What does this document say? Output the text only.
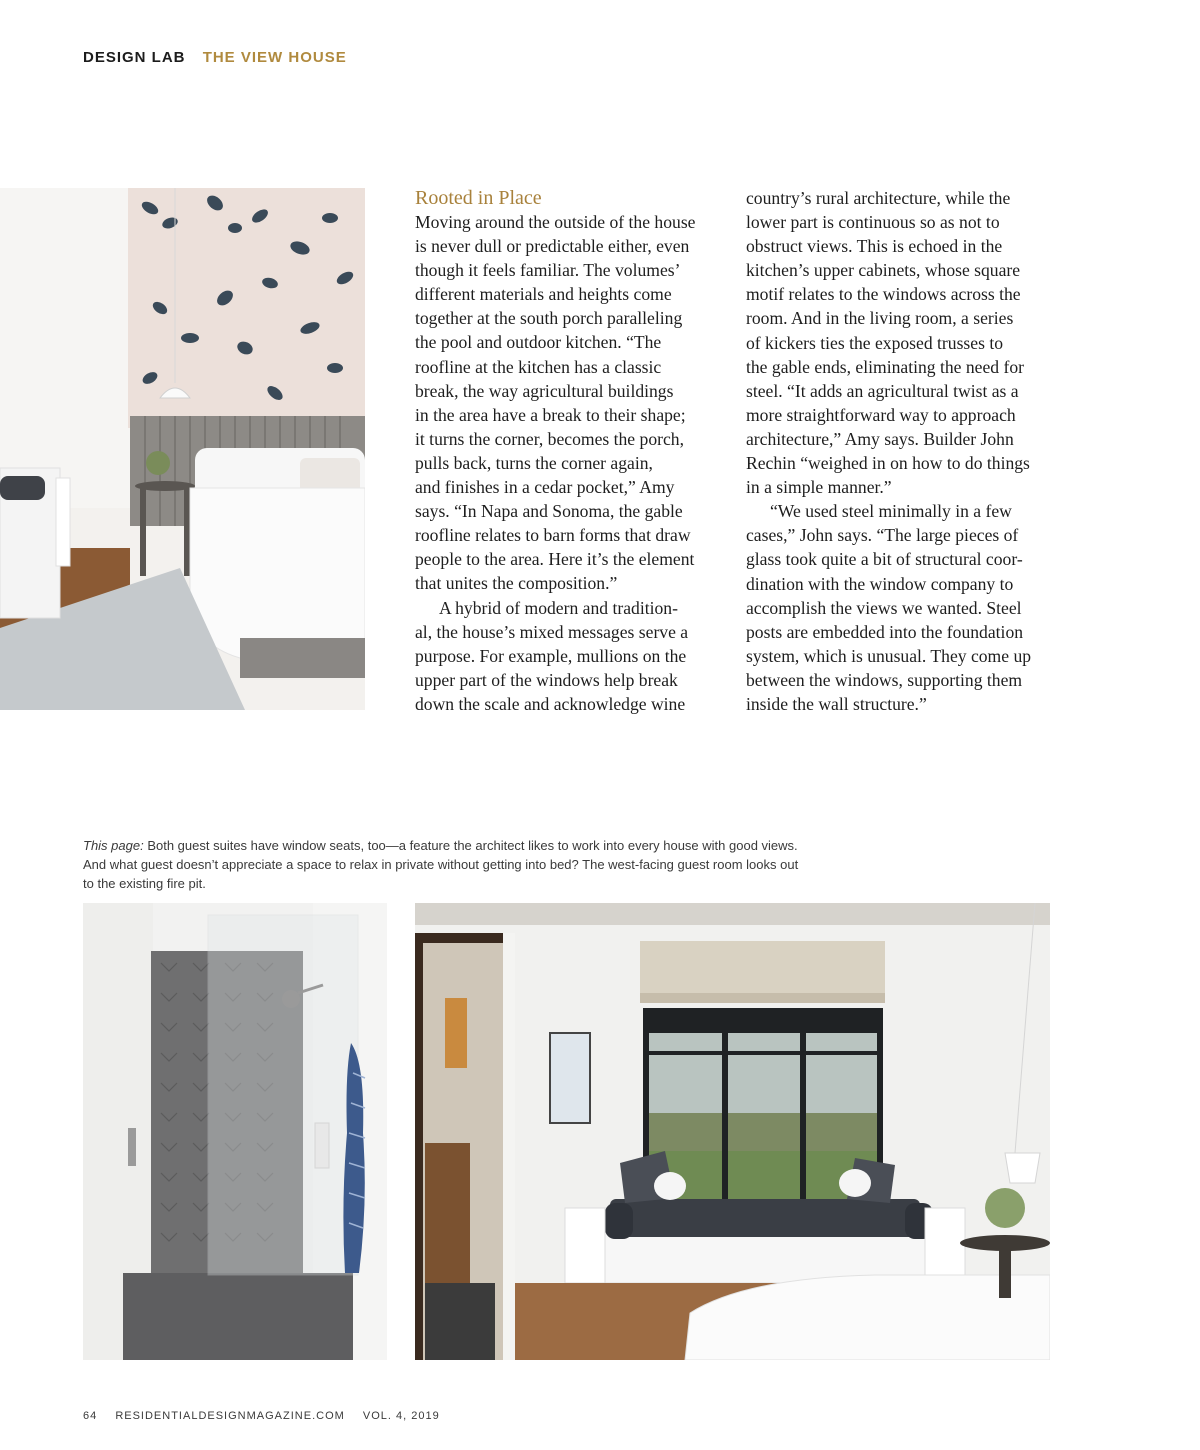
DESIGN LAB THE VIEW HOUSE
Rooted in Place

Moving around the outside of the house
is never dull or predictable either, even
though it feels familiar. The volumes’
different materials and heights come
together at the south porch paralleling
the pool and outdoor kitchen. “The
roofline at the kitchen has a classic
break, the way agricultural buildings
in the area have a break to their shape;
it turns the corner, becomes the porch,
pulls back, turns the corner again,
and finishes in a cedar pocket,” Amy
says. “In Napa and Sonoma, the gable
roofline relates to barn forms that draw
people to the area. Here it’s the element
that unites the composition.”
A hybrid of modern and tradition-
al, the house’s mixed messages serve a
purpose. For example, mullions on the
upper part of the windows help break
down the scale and acknowledge wine

country’s rural architecture, while the
lower part is continuous so as not to
obstruct views. This is echoed in the
kitchen’s upper cabinets, whose square
motif relates to the windows across the
room. And in the living room, a series
of kickers ties the exposed trusses to
the gable ends, eliminating the need for
steel. “It adds an agricultural twist as a
more straightforward way to approach
architecture,” Amy says. Builder John
Rechin “weighed in on how to do things
in a simple manner.”
“We used steel minimally in a few
cases,” John says. “The large pieces of
glass took quite a bit of structural coor-
dination with the window company to
accomplish the views we wanted. Steel
posts are embedded into the foundation
system, which is unusual. They come up
between the windows, supporting them
inside the wall structure.”

This page: Both guest suites have window seats, too—a feature the architect likes to work into every house with good views.
And what guest doesn’t appreciate a space to relax in private without getting into bed? The west-facing guest room looks out
to the existing fire pit.
64 RESIDENTIALDESIGNMAGAZINE.COM VOL. 4, 2019
